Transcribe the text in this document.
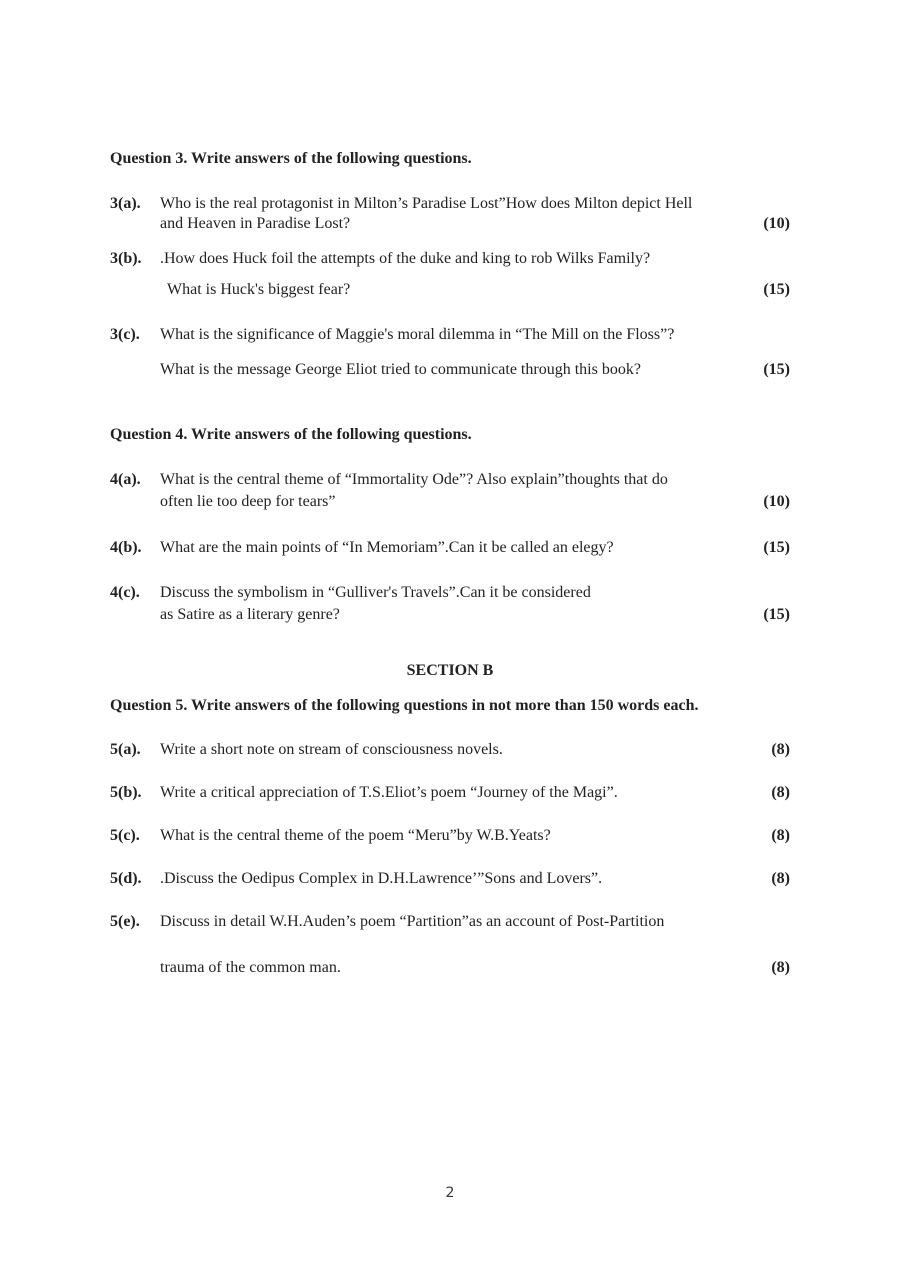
Question 3. Write answers of the following questions.
3(a). Who is the real protagonist in Milton’s Paradise Lost”How does Milton depict Hell
and Heaven in Paradise Lost?	(10)
3(b). .How does Huck foil the attempts of the duke and king to rob Wilks Family?
What is Huck's biggest fear?	(15)
3(c). What is the significance of Maggie's moral dilemma in “The Mill on the Floss”?
What is the message George Eliot tried to communicate through this book?	(15)
Question 4. Write answers of the following questions.
4(a). What is the central theme of “Immortality Ode”? Also explain”thoughts that do
often lie too deep for tears”	(10)
4(b). What are the main points of “In Memoriam”.Can it be called an elegy?	(15)
4(c). Discuss the symbolism in “Gulliver's Travels”.Can it be considered
as Satire as a literary genre?	(15)
SECTION B
Question 5. Write answers of the following questions in not more than 150 words each.
5(a). Write a short note on stream of consciousness novels.	(8)
5(b). Write a critical appreciation of T.S.Eliot’s poem “Journey of the Magi”.	(8)
5(c). What is the central theme of the poem “Meru”by W.B.Yeats?	(8)
5(d). .Discuss the Oedipus Complex in D.H.Lawrence’”Sons and Lovers”.	(8)
5(e). Discuss in detail W.H.Auden’s poem “Partition”as an account of Post-Partition
trauma of the common man.	(8)
2
